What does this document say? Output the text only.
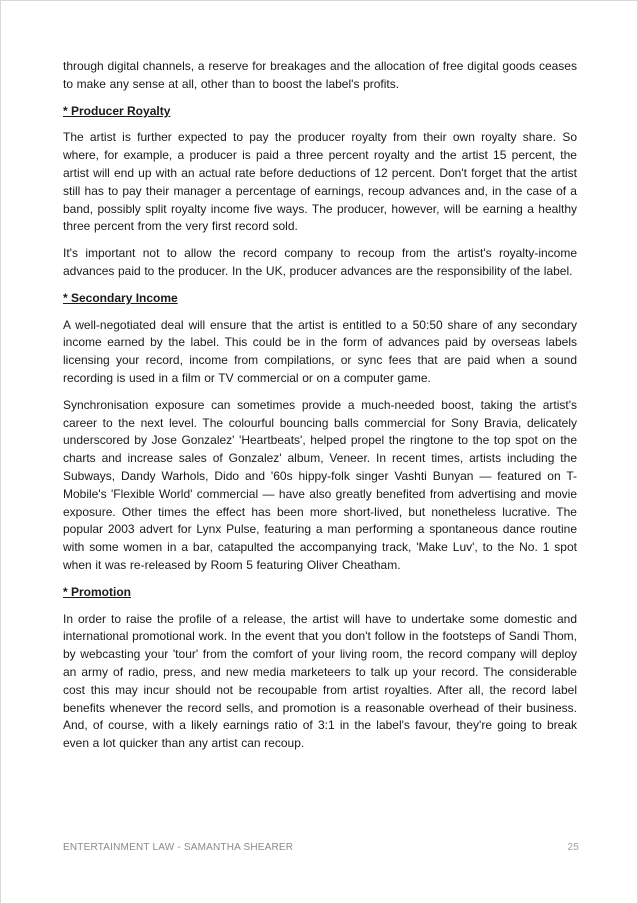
through digital channels, a reserve for breakages and the allocation of free digital goods ceases to make any sense at all, other than to boost the label's profits.

* Producer Royalty

The artist is further expected to pay the producer royalty from their own royalty share. So where, for example, a producer is paid a three percent royalty and the artist 15 percent, the artist will end up with an actual rate before deductions of 12 percent. Don't forget that the artist still has to pay their manager a percentage of earnings, recoup advances and, in the case of a band, possibly split royalty income five ways. The producer, however, will be earning a healthy three percent from the very first record sold.

It's important not to allow the record company to recoup from the artist's royalty-income advances paid to the producer. In the UK, producer advances are the responsibility of the label.

* Secondary Income

A well-negotiated deal will ensure that the artist is entitled to a 50:50 share of any secondary income earned by the label. This could be in the form of advances paid by overseas labels licensing your record, income from compilations, or sync fees that are paid when a sound recording is used in a film or TV commercial or on a computer game.

Synchronisation exposure can sometimes provide a much-needed boost, taking the artist's career to the next level. The colourful bouncing balls commercial for Sony Bravia, delicately underscored by Jose Gonzalez' 'Heartbeats', helped propel the ringtone to the top spot on the charts and increase sales of Gonzalez' album, Veneer. In recent times, artists including the Subways, Dandy Warhols, Dido and '60s hippy-folk singer Vashti Bunyan — featured on T-Mobile's 'Flexible World' commercial — have also greatly benefited from advertising and movie exposure. Other times the effect has been more short-lived, but nonetheless lucrative. The popular 2003 advert for Lynx Pulse, featuring a man performing a spontaneous dance routine with some women in a bar, catapulted the accompanying track, 'Make Luv', to the No. 1 spot when it was re-released by Room 5 featuring Oliver Cheatham.

* Promotion

In order to raise the profile of a release, the artist will have to undertake some domestic and international promotional work. In the event that you don't follow in the footsteps of Sandi Thom, by webcasting your 'tour' from the comfort of your living room, the record company will deploy an army of radio, press, and new media marketeers to talk up your record. The considerable cost this may incur should not be recoupable from artist royalties. After all, the record label benefits whenever the record sells, and promotion is a reasonable overhead of their business. And, of course, with a likely earnings ratio of 3:1 in the label's favour, they're going to break even a lot quicker than any artist can recoup.

ENTERTAINMENT LAW - SAMANTHA SHEARER	25
